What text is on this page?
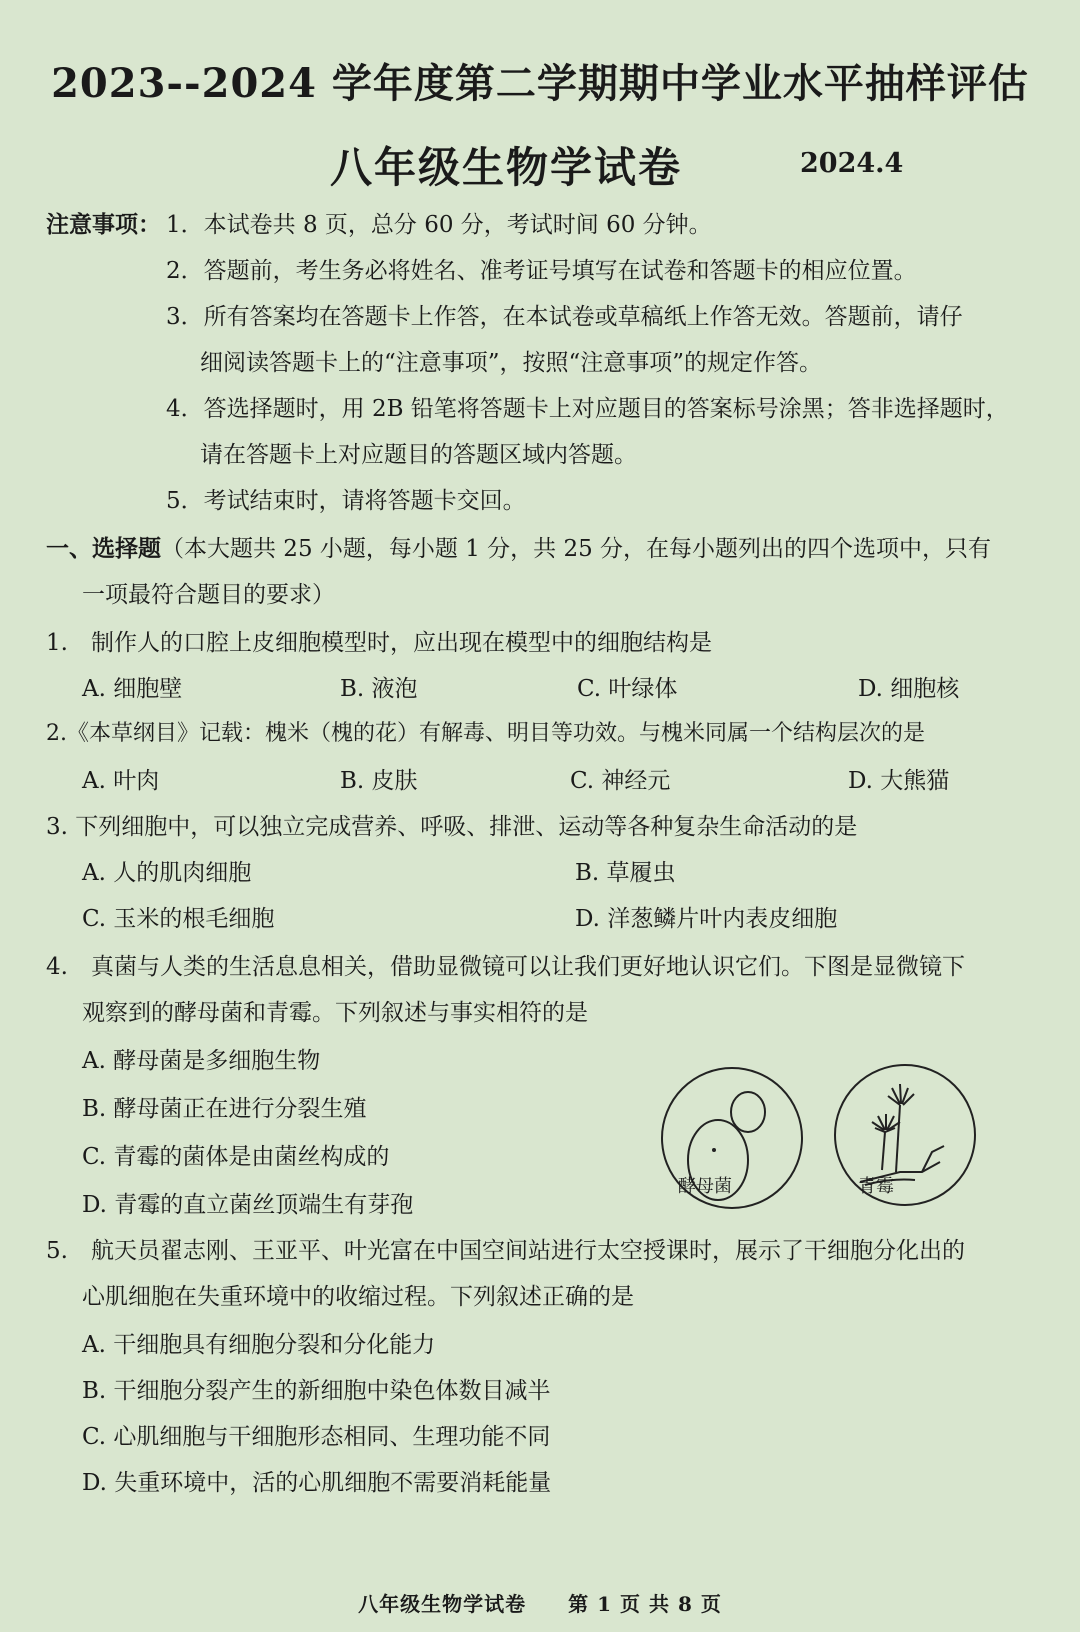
2023--2024 学年度第二学期期中学业水平抽样评估
八年级生物学试卷	2024.4
注意事项： 1．本试卷共 8 页，总分 60 分，考试时间 60 分钟。
2．答题前，考生务必将姓名、准考证号填写在试卷和答题卡的相应位置。
3．所有答案均在答题卡上作答，在本试卷或草稿纸上作答无效。答题前，请仔
细阅读答题卡上的“注意事项”，按照“注意事项”的规定作答。
4．答选择题时，用 2B 铅笔将答题卡上对应题目的答案标号涂黑；答非选择题时，
请在答题卡上对应题目的答题区域内答题。
5．考试结束时，请将答题卡交回。
一、选择题（本大题共 25 小题，每小题 1 分，共 25 分，在每小题列出的四个选项中，只有
一项最符合题目的要求）
1.　制作人的口腔上皮细胞模型时，应出现在模型中的细胞结构是
A. 细胞壁	B. 液泡	C. 叶绿体	D. 细胞核
2.《本草纲目》记载：槐米（槐的花）有解毒、明目等功效。与槐米同属一个结构层次的是
A. 叶肉	B. 皮肤	C. 神经元	D. 大熊猫
3. 下列细胞中，可以独立完成营养、呼吸、排泄、运动等各种复杂生命活动的是
A. 人的肌肉细胞	B. 草履虫
C. 玉米的根毛细胞	D. 洋葱鳞片叶内表皮细胞
4.　真菌与人类的生活息息相关，借助显微镜可以让我们更好地认识它们。下图是显微镜下
观察到的酵母菌和青霉。下列叙述与事实相符的是
A. 酵母菌是多细胞生物
B. 酵母菌正在进行分裂生殖
C. 青霉的菌体是由菌丝构成的
D. 青霉的直立菌丝顶端生有芽孢
酵母菌	青霉
5.　航天员翟志刚、王亚平、叶光富在中国空间站进行太空授课时，展示了干细胞分化出的
心肌细胞在失重环境中的收缩过程。下列叙述正确的是
A. 干细胞具有细胞分裂和分化能力
B. 干细胞分裂产生的新细胞中染色体数目减半
C. 心肌细胞与干细胞形态相同、生理功能不同
D. 失重环境中，活的心肌细胞不需要消耗能量
八年级生物学试卷　　第 1 页 共 8 页
